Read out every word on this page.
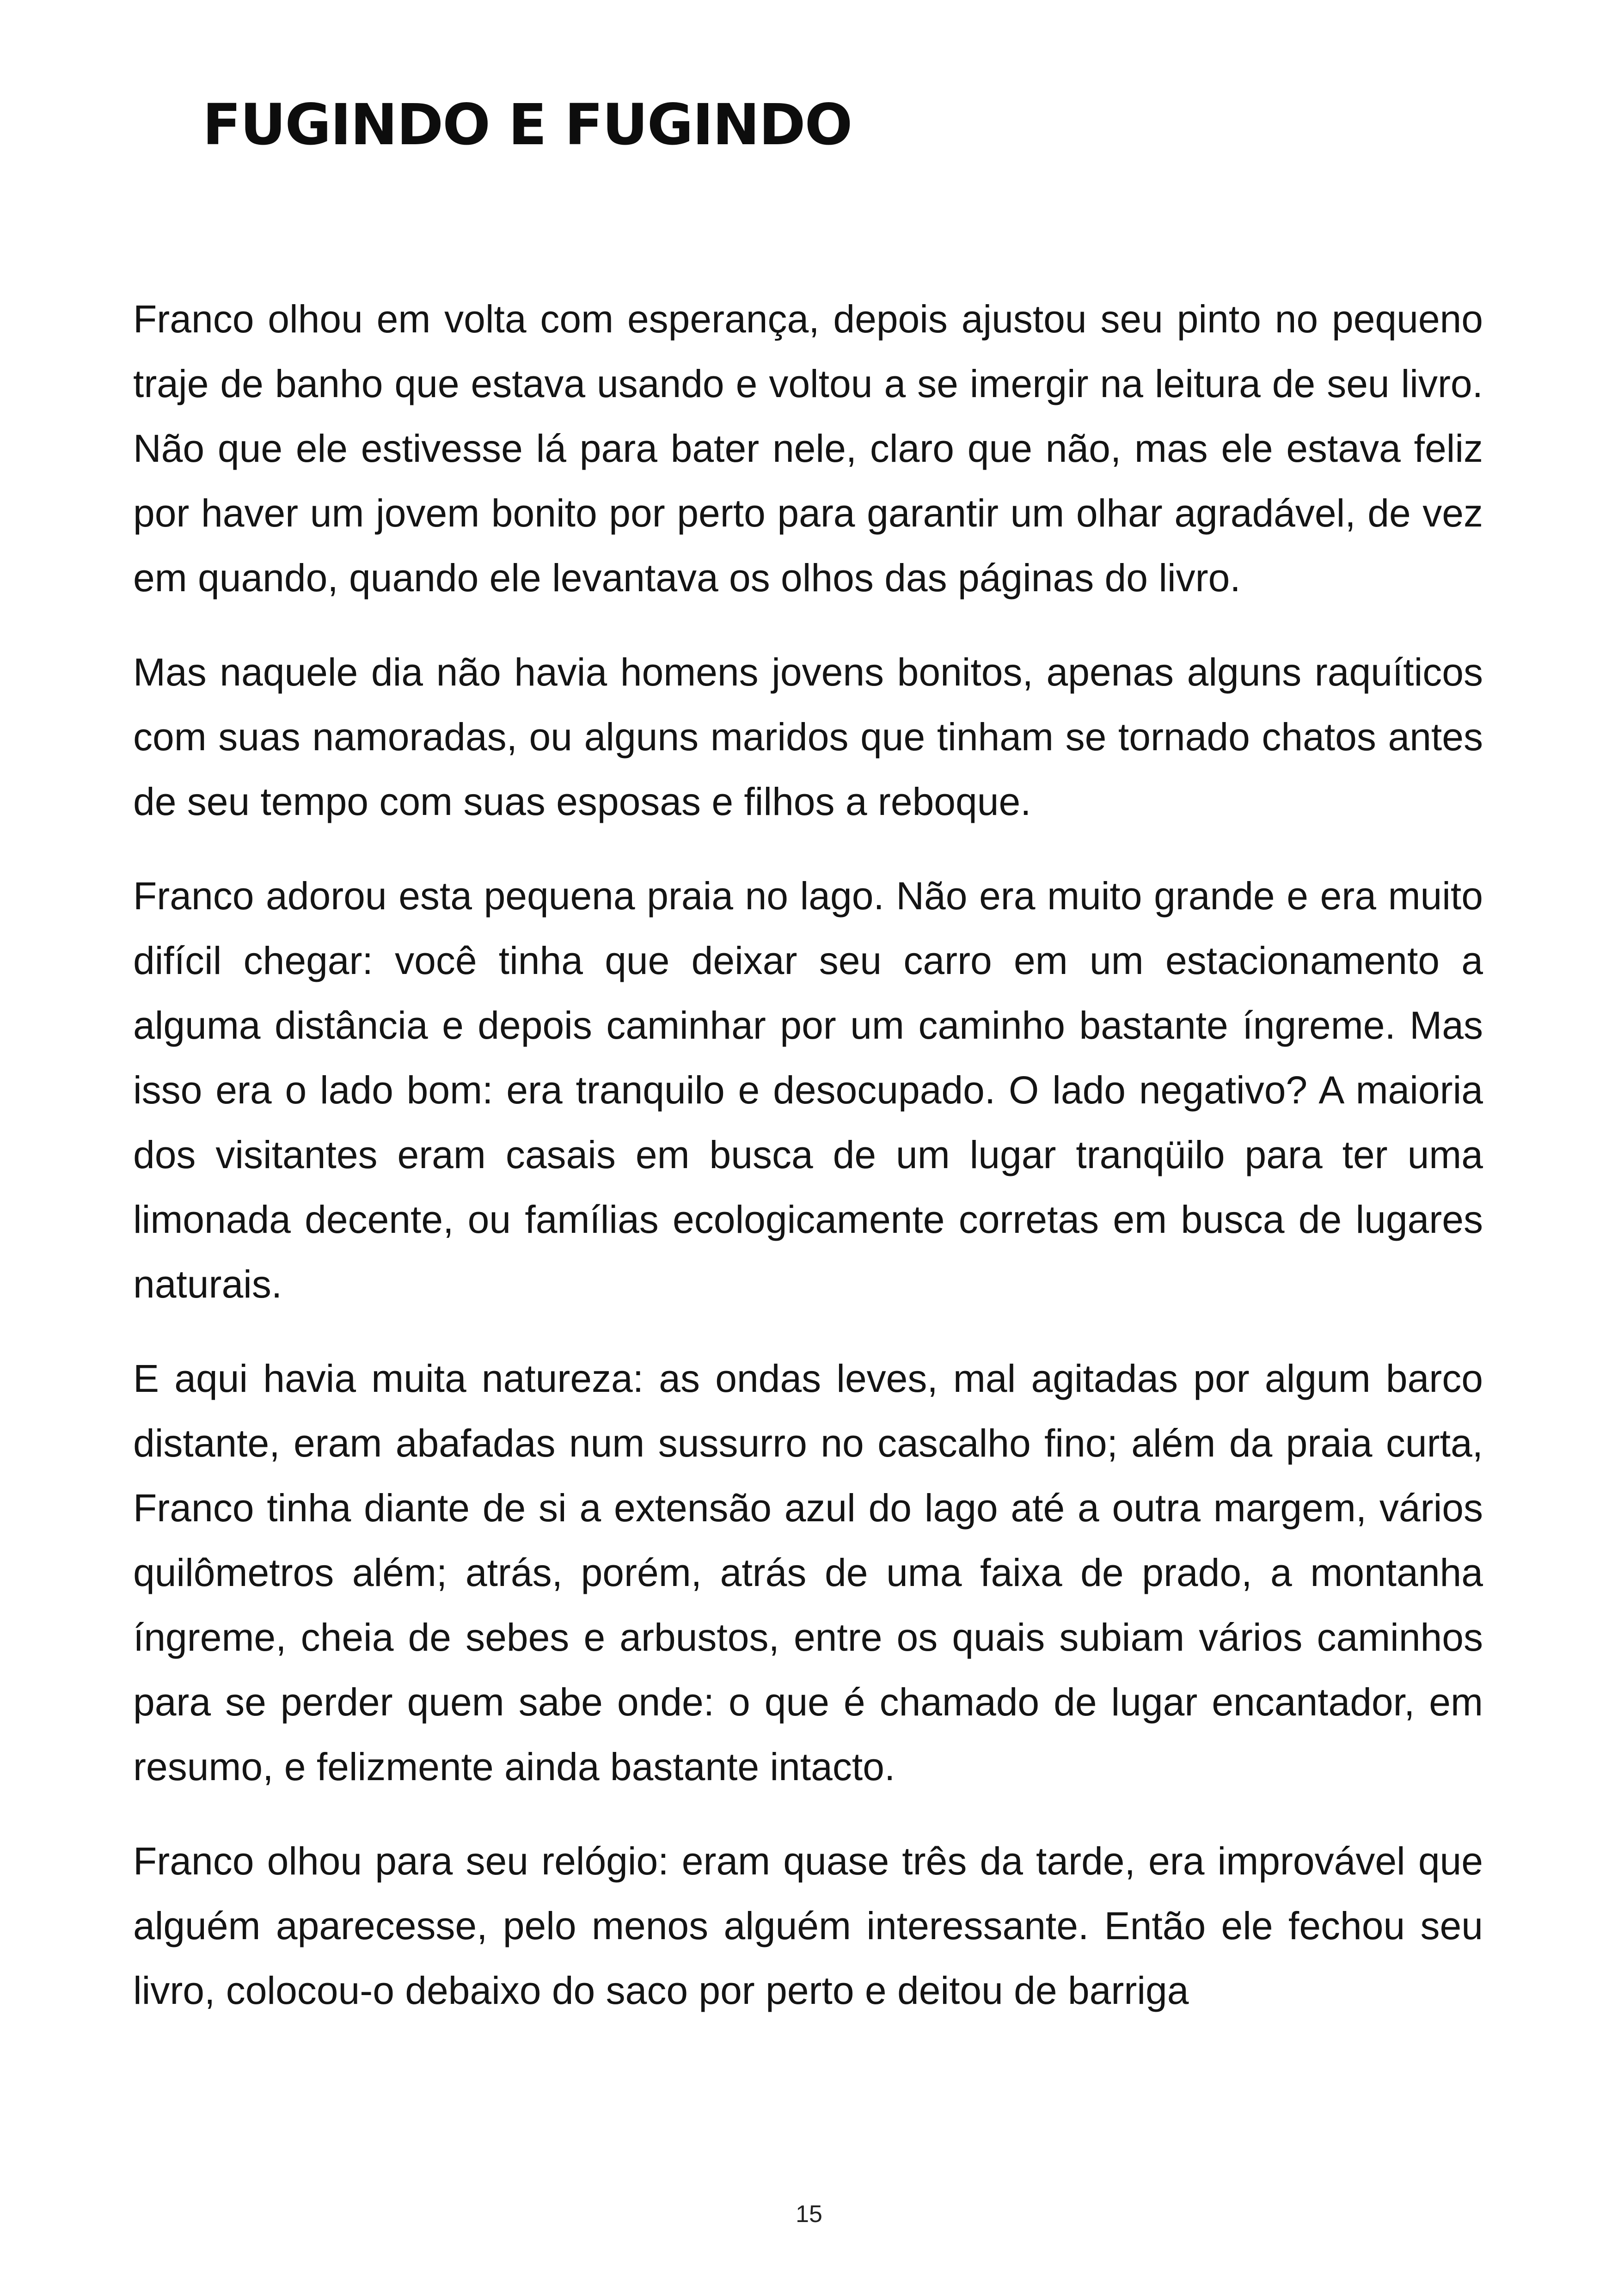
FUGINDO E FUGINDO

Franco olhou em volta com esperança, depois ajustou seu pinto no pequeno traje de banho que estava usando e voltou a se imergir na leitura de seu livro. Não que ele estivesse lá para bater nele, claro que não, mas ele estava feliz por haver um jovem bonito por perto para garantir um olhar agradável, de vez em quando, quando ele levantava os olhos das páginas do livro.

Mas naquele dia não havia homens jovens bonitos, apenas alguns raquíticos com suas namoradas, ou alguns maridos que tinham se tornado chatos antes de seu tempo com suas esposas e filhos a reboque.

Franco adorou esta pequena praia no lago. Não era muito grande e era muito difícil chegar: você tinha que deixar seu carro em um estacionamento a alguma distância e depois caminhar por um caminho bastante íngreme. Mas isso era o lado bom: era tranquilo e desocupado. O lado negativo? A maioria dos visitantes eram casais em busca de um lugar tranqüilo para ter uma limonada decente, ou famílias ecologicamente corretas em busca de lugares naturais.

E aqui havia muita natureza: as ondas leves, mal agitadas por algum barco distante, eram abafadas num sussurro no cascalho fino; além da praia curta, Franco tinha diante de si a extensão azul do lago até a outra margem, vários quilômetros além; atrás, porém, atrás de uma faixa de prado, a montanha íngreme, cheia de sebes e arbustos, entre os quais subiam vários caminhos para se perder quem sabe onde: o que é chamado de lugar encantador, em resumo, e felizmente ainda bastante intacto.

Franco olhou para seu relógio: eram quase três da tarde, era improvável que alguém aparecesse, pelo menos alguém interessante. Então ele fechou seu livro, colocou-o debaixo do saco por perto e deitou de barriga

15
